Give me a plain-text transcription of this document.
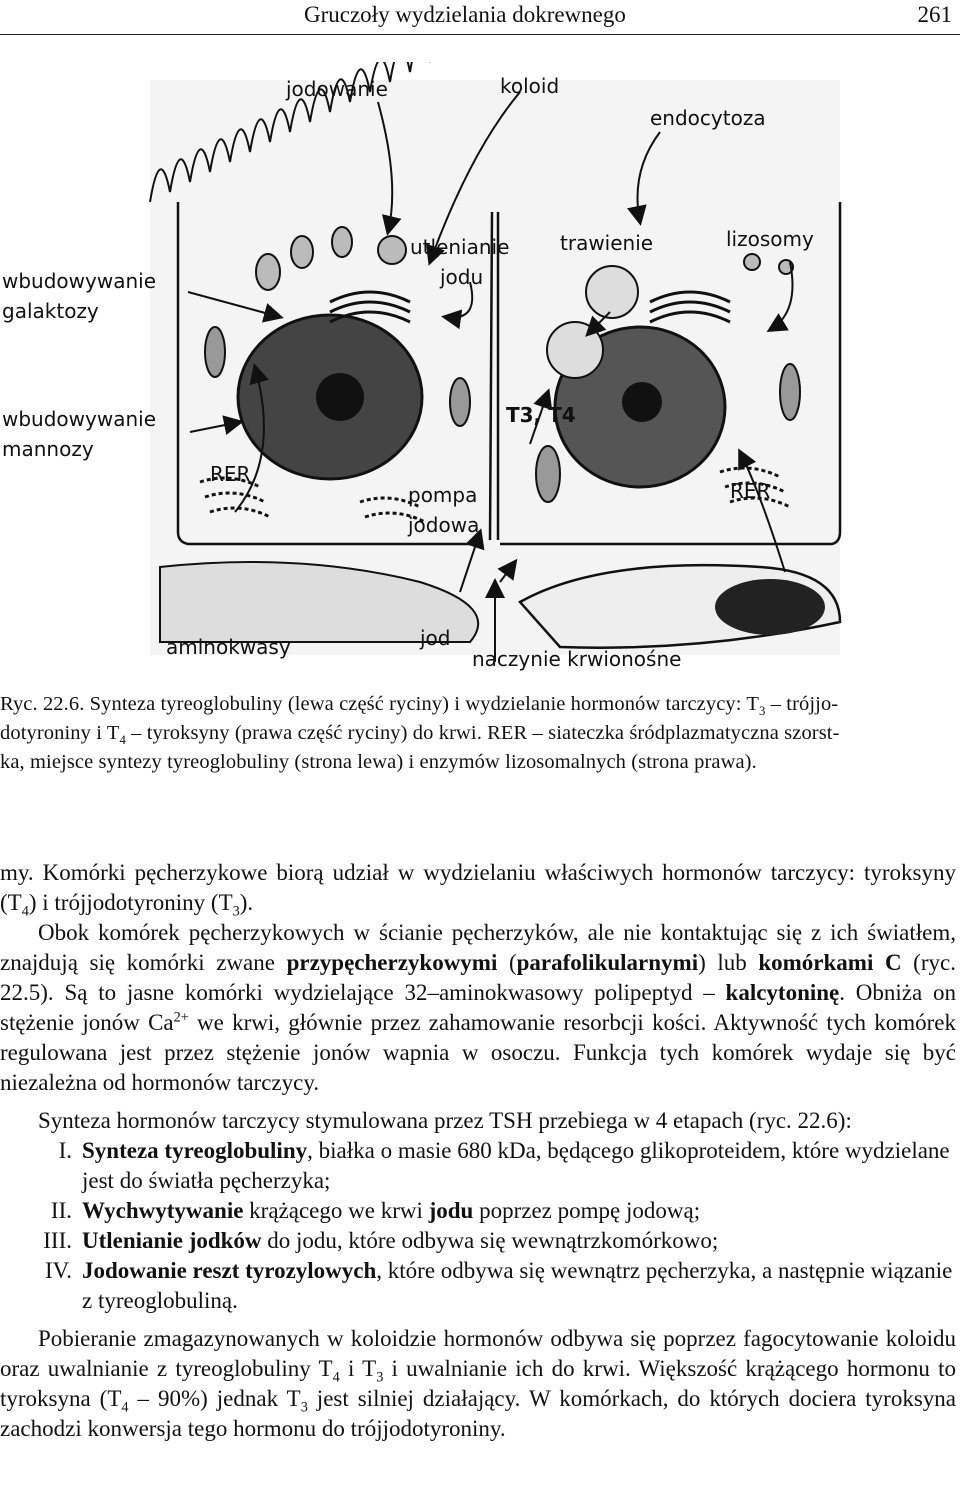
Gruczoły wydzielania dokrewnego	261
jodowanie	koloid
endocytoza
utlenianie
jodu
trawienie	lizosomy
wbudowywanie
galaktozy
wbudowywanie
mannozy
T3, T4
RER
RER
pompa
jodowa
aminokwasy	jod
naczynie krwionośne
Ryc. 22.6. Synteza tyreoglobuliny (lewa część ryciny) i wydzielanie hormonów tarczycy: $T_3$ – trójjo-
dotyroniny i $T_4$ – tyroksyny (prawa część ryciny) do krwi. RER – siateczka śródplazmatyczna szorst-
ka, miejsce syntezy tyreoglobuliny (strona lewa) i enzymów lizosomalnych (strona prawa).

my. Komórki pęcherzykowe biorą udział w wydzielaniu właściwych hormonów tarczycy: tyroksyny $(T_4)$ i trójjodotyroniny $(T_3)$.

Obok komórek pęcherzykowych w ścianie pęcherzyków, ale nie kontaktując się z ich światłem, znajdują się komórki zwane przypęcherzykowymi (parafolikularnymi) lub komórkami C (ryc. 22.5). Są to jasne komórki wydzielające 32–aminokwasowy polipeptyd – kalcytoninę. Obniża on stężenie jonów $Ca^{2+}$ we krwi, głównie przez zahamowanie resorbcji kości. Aktywność tych komórek regulowana jest przez stężenie jonów wapnia w osoczu. Funkcja tych komórek wydaje się być niezależna od hormonów tarczycy.

Synteza hormonów tarczycy stymulowana przez TSH przebiega w 4 etapach (ryc. 22.6):

I. Synteza tyreoglobuliny, białka o masie 680 kDa, będącego glikoproteidem, które wydzielane jest do światła pęcherzyka;
II. Wychwytywanie krążącego we krwi jodu poprzez pompę jodową;
III. Utlenianie jodków do jodu, które odbywa się wewnątrzkomórkowo;
IV. Jodowanie reszt tyrozylowych, które odbywa się wewnątrz pęcherzyka, a następnie wiązanie z tyreoglobuliną.

Pobieranie zmagazynowanych w koloidzie hormonów odbywa się poprzez fagocytowanie koloidu oraz uwalnianie z tyreoglobuliny $T_4$ i $T_3$ i uwalnianie ich do krwi. Większość krążącego hormonu to tyroksyna $(T_4 - 90\%)$ jednak $T_3$ jest silniej działający. W komórkach, do których dociera tyroksyna zachodzi konwersja tego hormonu do trójjodotyroniny.
